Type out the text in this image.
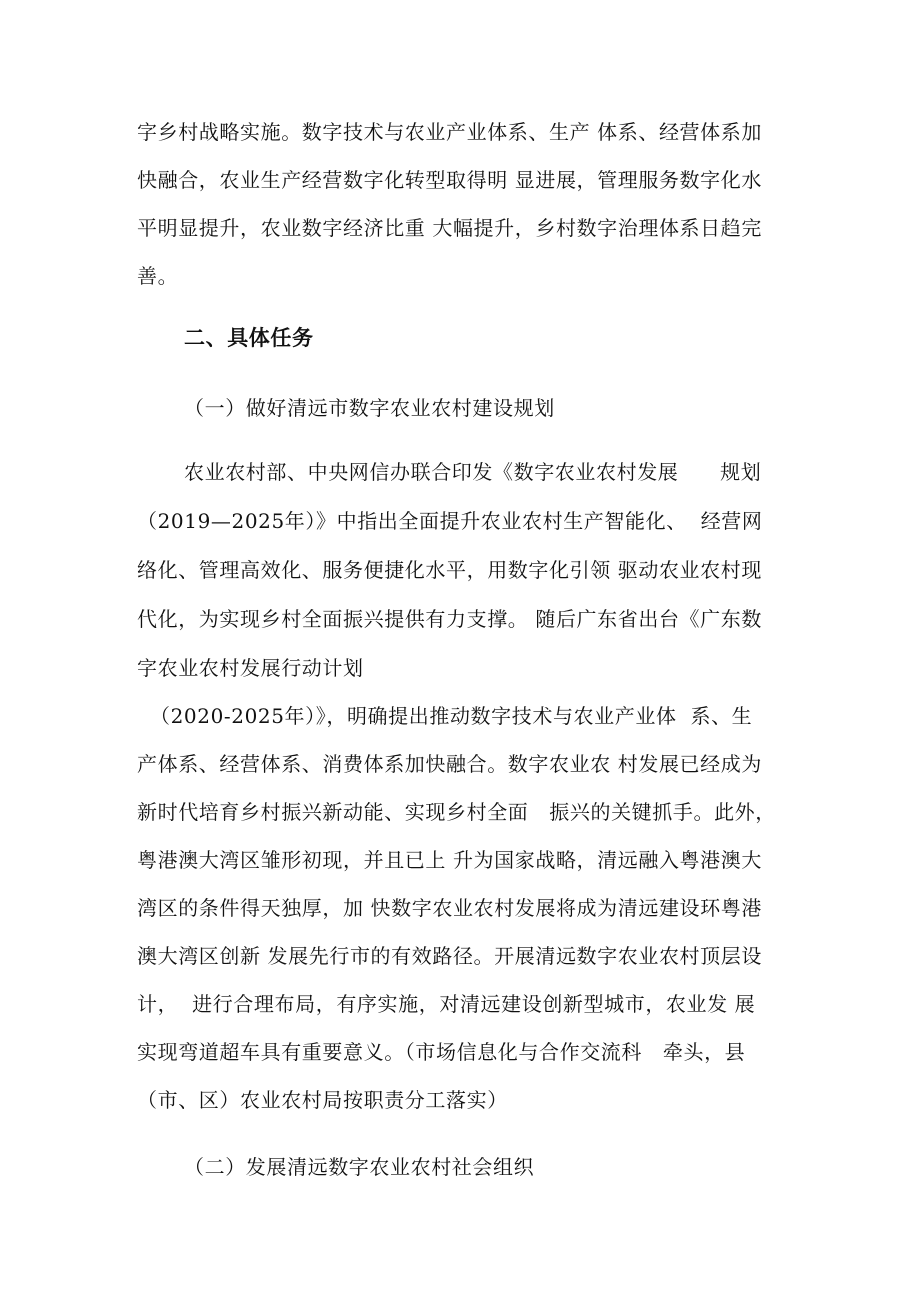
字乡村战略实施。数字技术与农业产业体系、生产 体系、经营体系加
快融合，农业生产经营数字化转型取得明 显进展，管理服务数字化水
平明显提升，农业数字经济比重 大幅提升，乡村数字治理体系日趋完
善。
二、具体任务
（一）做好清远市数字农业农村建设规划
农业农村部、中央网信办联合印发《数字农业农村发展      规划
（2019—2025年）》中指出全面提升农业农村生产智能化、  经营网
络化、管理高效化、服务便捷化水平，用数字化引领 驱动农业农村现
代化，为实现乡村全面振兴提供有力支撑。 随后广东省出台《广东数
字农业农村发展行动计划
（2020-2025年）》，明确提出推动数字技术与农业产业体  系、生
产体系、经营体系、消费体系加快融合。数字农业农 村发展已经成为
新时代培育乡村振兴新动能、实现乡村全面   振兴的关键抓手。此外，
粤港澳大湾区雏形初现，并且已上 升为国家战略，清远融入粤港澳大
湾区的条件得天独厚，加 快数字农业农村发展将成为清远建设环粤港
澳大湾区创新 发展先行市的有效路径。开展清远数字农业农村顶层设
计，  进行合理布局，有序实施，对清远建设创新型城市，农业发 展
实现弯道超车具有重要意义。（市场信息化与合作交流科   牵头，县
（市、区）农业农村局按职责分工落实）
（二）发展清远数字农业农村社会组织
